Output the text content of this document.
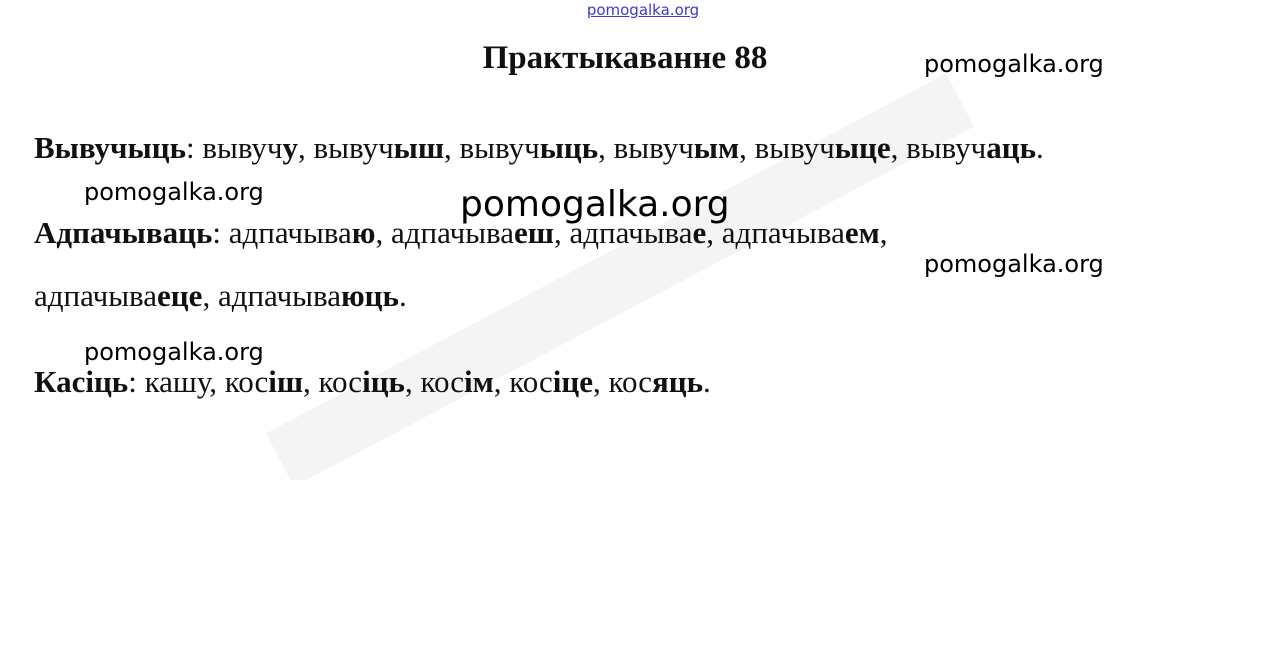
pomogalka.org
Практыкаванне 88	pomogalka.org
Вывучыць: вывучу, вывучыш, вывучыць, вывучым, вывучыце, вывучаць.
pomogalka.org	pomogalka.org
Адпачываць: адпачываю, адпачываеш, адпачывае, адпачываем,
pomogalka.org
адпачываеце, адпачываюць.
pomogalka.org
Касіць: кашу, косіш, косіць, косім, косіце, косяць.
